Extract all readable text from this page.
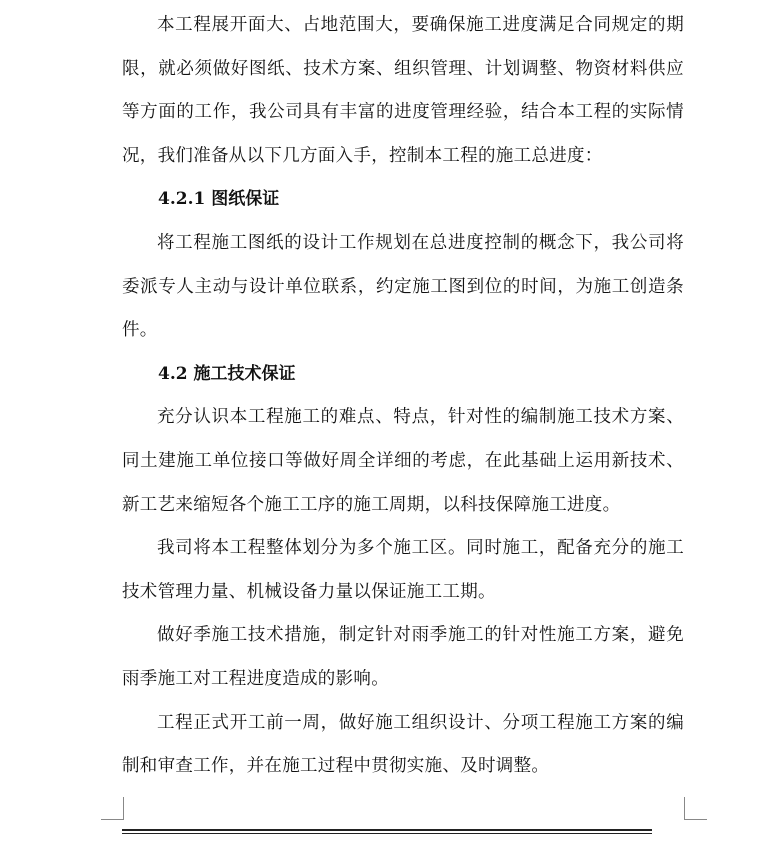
本工程展开面大、占地范围大，要确保施工进度满足合同规定的期限，就必须做好图纸、技术方案、组织管理、计划调整、物资材料供应等方面的工作，我公司具有丰富的进度管理经验，结合本工程的实际情况，我们准备从以下几方面入手，控制本工程的施工总进度：

4.2.1 图纸保证

将工程施工图纸的设计工作规划在总进度控制的概念下，我公司将委派专人主动与设计单位联系，约定施工图到位的时间，为施工创造条件。

4.2 施工技术保证

充分认识本工程施工的难点、特点，针对性的编制施工技术方案、同土建施工单位接口等做好周全详细的考虑，在此基础上运用新技术、新工艺来缩短各个施工工序的施工周期，以科技保障施工进度。

我司将本工程整体划分为多个施工区。同时施工，配备充分的施工技术管理力量、机械设备力量以保证施工工期。

做好季施工技术措施，制定针对雨季施工的针对性施工方案，避免雨季施工对工程进度造成的影响。

工程正式开工前一周，做好施工组织设计、分项工程施工方案的编制和审查工作，并在施工过程中贯彻实施、及时调整。
